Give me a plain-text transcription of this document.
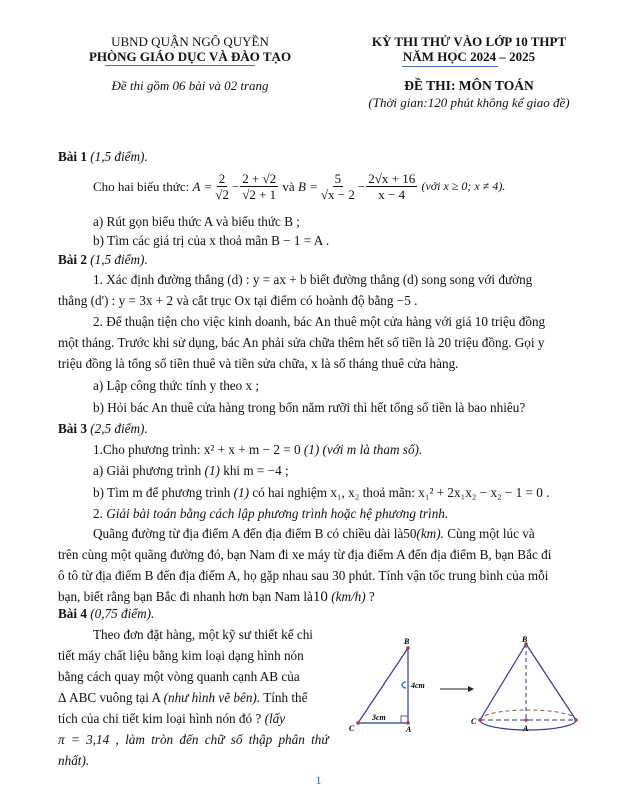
UBND QUẬN NGÔ QUYỀN
PHÒNG GIÁO DỤC VÀ ĐÀO TẠO
Đề thi gồm 06 bài và 02 trang
KỲ THI THỬ VÀO LỚP 10 THPT
NĂM HỌC 2024 – 2025
ĐỀ THI: MÔN TOÁN
(Thời gian:120 phút không kể giao đề)
Bài 1 (1,5 điểm).
Cho hai biểu thức:
$A = \frac{2}{√2} - \frac{2 + √2}{√2 + 1}$
và
$B = \frac{5}{√x - 2} - \frac{2√x + 16}{x - 4}$
(với x ≥ 0; x ≠ 4).
a) Rút gọn biểu thức A và biểu thức B ;
b) Tìm các giá trị của x thoả mãn B − 1 = A .
Bài 2 (1,5 điểm).
1. Xác định đường thẳng (d) : y = ax + b biết đường thẳng (d) song song với đường
thẳng (d') : y = 3x + 2 và cắt trục Ox tại điểm có hoành độ bằng −5 .
2. Để thuận tiện cho việc kinh doanh, bác An thuê một cửa hàng với giá 10 triệu đồng
một tháng. Trước khi sử dụng, bác An phải sửa chữa thêm hết số tiền là 20 triệu đồng. Gọi y
triệu đồng là tổng số tiền thuê và tiền sửa chữa, x là số tháng thuê cửa hàng.
a) Lập công thức tính y theo x ;
b) Hỏi bác An thuê cửa hàng trong bốn năm rưỡi thì hết tổng số tiền là bao nhiêu?
Bài 3 (2,5 điểm).
1.Cho phương trình: x² + x + m − 2 = 0 (1) (với m là tham số).
a) Giải phương trình (1) khi m = −4 ;
b) Tìm m để phương trình (1) có hai nghiệm x₁, x₂ thoả mãn: x₁² + 2x₁x₂ − x₂ − 1 = 0 .
2. Giải bài toán bằng cách lập phương trình hoặc hệ phương trình.
Quãng đường từ địa điểm A đến địa điểm B có chiều dài là50(km). Cùng một lúc và
trên cùng một quãng đường đó, bạn Nam đi xe máy từ địa điểm A đến địa điểm B, bạn Bắc đi
ô tô từ địa điểm B đến địa điểm A, họ gặp nhau sau 30 phút. Tính vận tốc trung bình của mỗi
bạn, biết rằng bạn Bắc đi nhanh hơn bạn Nam là10 (km/h) ?
Bài 4 (0,75 điểm).
Theo đơn đặt hàng, một kỹ sư thiết kế chi
tiết máy chất liệu bằng kim loại dạng hình nón
bằng cách quay một vòng quanh cạnh AB của
Δ ABC vuông tại A (như hình vẽ bên). Tính thể
tích của chi tiết kim loại hình nón đó ? (lấy
π = 3,14 , làm tròn đến chữ số thập phân thứ
nhất).
B
C	A
4cm
3cm
B
C
A
1
